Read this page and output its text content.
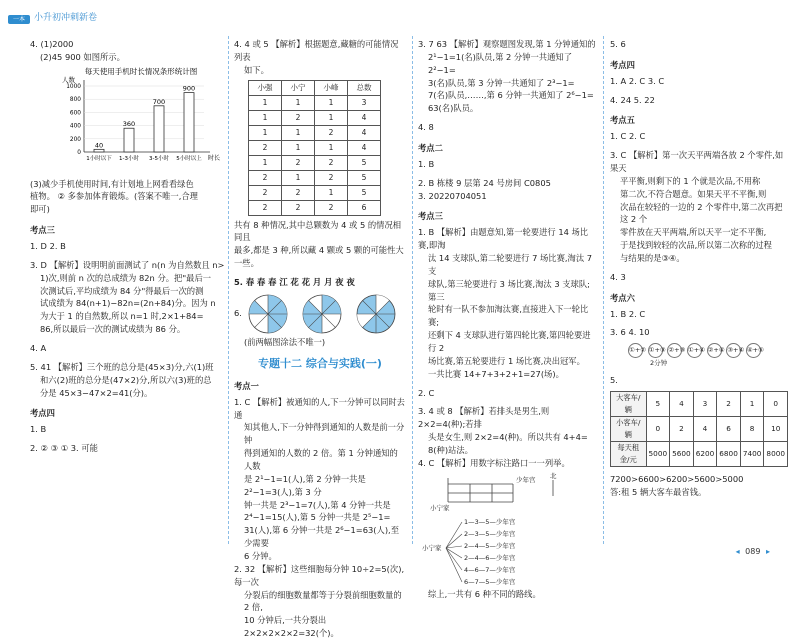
一本	小升初冲刺新卷

4. (1)2000

(2)45 900 如图所示。

每天使用手机时长情况条形统计图
人数
0
200
400
600
800
1000
40
1小时以下
360
1-3小时
700
3-5小时
900
5小时以上 时长

(3)减少手机使用时间,有计划地上网看看绿色

植物。 ② 多参加体育锻炼。(答案不唯一,合理

即可)

考点三

1. D 2. B

3. D 【解析】设明明前面测试了 n(n 为自然数且 n>

1)次,则前 n 次的总成绩为 82n 分。把"最后一

次测试后,平均成绩为 84 分"得最后一次的测

试成绩为 84(n+1)−82n=(2n+84)分。因为 n

为大于 1 的自然数,所以 n=1 时,2×1+84=

86,所以最后一次的测试成绩为 86 分。

4. A

5. 41 【解析】三个班的总分是(45×3)分,六(1)班

和六(2)班的总分是(47×2)分,所以六(3)班的总

分是 45×3−47×2=41(分)。

考点四

1. B

2. ② ③ ① 3. 可能

4. 4 或 5 【解析】根据题意,藏糖的可能情况列表

如下。

小强	小宁	小峰	总数
1	1	1	3
1	2	1	4
1	1	2	4
2	1	1	4
1	2	2	5
2	1	2	5
2	2	1	5
2	2	2	6

共有 8 种情况,其中总颗数为 4 或 5 的情况相同且

最多,都是 3 种,所以藏 4 颗或 5 颗的可能性大一些。

5. 春 春 春 江 花 花 月 月 夜 夜

6.

(前两幅图涂法不唯一)

专题十二 综合与实践(一)
考点一

1. C 【解析】被通知的人,下一分钟可以同时去通

知其他人,下一分钟得到通知的人数是前一分钟

得到通知的人数的 2 倍。第 1 分钟通知的人数

是 2¹−1=1(人),第 2 分钟一共是 2²−1=3(人),第 3 分

钟一共是 2³−1=7(人),第 4 分钟一共是

2⁴−1=15(人),第 5 分钟一共是 2⁵−1=

31(人),第 6 分钟一共是 2⁶−1=63(人),至少需要

6 分钟。

2. 32 【解析】这些细胞每分钟 10÷2=5(次),每一次

分裂后的细胞数量都等于分裂前细胞数量的 2 倍,

10 分钟后,一共分裂出 2×2×2×2×2=32(个)。

3. 7 63 【解析】观察题图发现,第 1 分钟通知的

2¹−1=1(名)队员,第 2 分钟一共通知了 2²−1=

3(名)队员,第 3 分钟一共通知了 2³−1=

7(名)队员,……,第 6 分钟一共通知了 2⁶−1=

63(名)队员。

4. 8

考点二

1. B

2. B 栋楼 9 层第 24 号房间 C0805

3. 20220704051

考点三

1. B 【解析】由题意知,第一轮要进行 14 场比赛,即淘

汰 14 支球队,第二轮要进行 7 场比赛,淘汰 7 支

球队,第三轮要进行 3 场比赛,淘汰 3 支球队;第三

轮时有一队不参加淘汰赛,直接进入下一轮比赛;

还剩下 4 支球队进行第四轮比赛,第四轮要进行 2

场比赛,第五轮要进行 1 场比赛,决出冠军。

一共比赛 14+7+3+2+1=27(场)。

2. C

3. 4 或 8 【解析】若排头是男生,则 2×2=4(种);若排

头是女生,则 2×2=4(种)。所以共有 4+4=

8(种)站法。

4. C 【解析】用数字标注路口一一列举。

小宁家
少年宫 北
小宁家
1—3—5—少年宫
2—3—5—少年宫
2—4—5—少年宫
2—4—6—少年宫
4—6—7—少年宫
6—7—5—少年宫

综上,一共有 6 种不同的路线。

5. 6

考点四

1. A 2. C 3. C

4. 24 5. 22

考点五

1. C 2. C

3. C 【解析】第一次天平两端各放 2 个零件,如果天

平平衡,则剩下的 1 个就是次品,不用称

第二次,不符合题意。如果天平不平衡,则

次品在较轻的一边的 2 个零件中,第二次再把这 2 个

零件放在天平两端,所以天平一定不平衡,

于是找到较轻的次品,所以第二次称的过程

与结果的是③④。

4. 3

考点六

1. B 2. C

3. 6 4. 10

①+② ①+③ ②+③ ①+④ ②+④ ③+④ ④+⑤
2分钟

5.

大客车/辆	5	4	3	2	1	0
小客车/辆	0	2	4	6	8	10
每天租金/元	5000	5600	6200	6800	7400	8000

7200>6600>6200>5600>5000

答:租 5 辆大客车最省钱。

◂ 089 ▸
